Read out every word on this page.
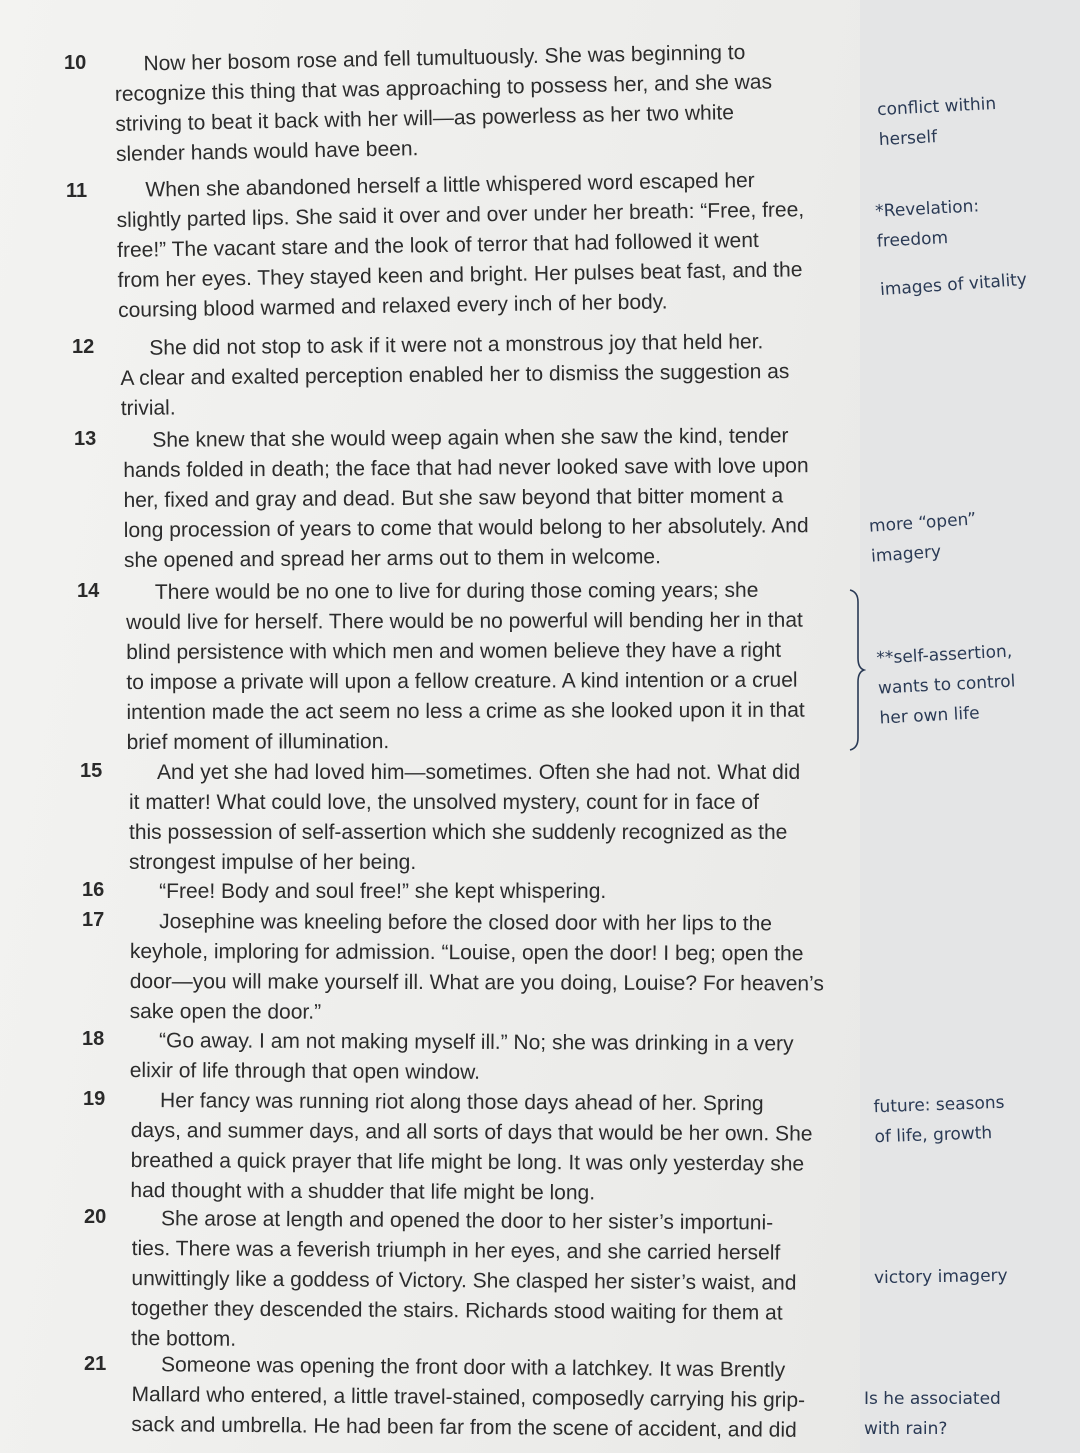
10	Now her bosom rose and fell tumultuously. She was beginning to
recognize this thing that was approaching to possess her, and she was
striving to beat it back with her will—as powerless as her two white
slender hands would have been.
11	When she abandoned herself a little whispered word escaped her
slightly parted lips. She said it over and over under her breath: “Free, free,
free!” The vacant stare and the look of terror that had followed it went
from her eyes. They stayed keen and bright. Her pulses beat fast, and the
coursing blood warmed and relaxed every inch of her body.
12	She did not stop to ask if it were not a monstrous joy that held her.
A clear and exalted perception enabled her to dismiss the suggestion as
trivial.
13	She knew that she would weep again when she saw the kind, tender
hands folded in death; the face that had never looked save with love upon
her, fixed and gray and dead. But she saw beyond that bitter moment a
long procession of years to come that would belong to her absolutely. And
she opened and spread her arms out to them in welcome.
14	There would be no one to live for during those coming years; she
would live for herself. There would be no powerful will bending her in that
blind persistence with which men and women believe they have a right
to impose a private will upon a fellow creature. A kind intention or a cruel
intention made the act seem no less a crime as she looked upon it in that
brief moment of illumination.
15	And yet she had loved him—sometimes. Often she had not. What did
it matter! What could love, the unsolved mystery, count for in face of
this possession of self-assertion which she suddenly recognized as the
strongest impulse of her being.
16	“Free! Body and soul free!” she kept whispering.
17	Josephine was kneeling before the closed door with her lips to the
keyhole, imploring for admission. “Louise, open the door! I beg; open the
door—you will make yourself ill. What are you doing, Louise? For heaven’s
sake open the door.”
18	“Go away. I am not making myself ill.” No; she was drinking in a very
elixir of life through that open window.
19	Her fancy was running riot along those days ahead of her. Spring
days, and summer days, and all sorts of days that would be her own. She
breathed a quick prayer that life might be long. It was only yesterday she
had thought with a shudder that life might be long.
20	She arose at length and opened the door to her sister’s importuni-
ties. There was a feverish triumph in her eyes, and she carried herself
unwittingly like a goddess of Victory. She clasped her sister’s waist, and
together they descended the stairs. Richards stood waiting for them at
the bottom.
21	Someone was opening the front door with a latchkey. It was Brently
Mallard who entered, a little travel-stained, composedly carrying his grip-
sack and umbrella. He had been far from the scene of accident, and did
conflict within
herself
*Revelation:
freedom
images of vitality
more “open”
imagery
**self-assertion,
wants to control
her own life
future: seasons
of life, growth
victory imagery
Is he associated
with rain?
